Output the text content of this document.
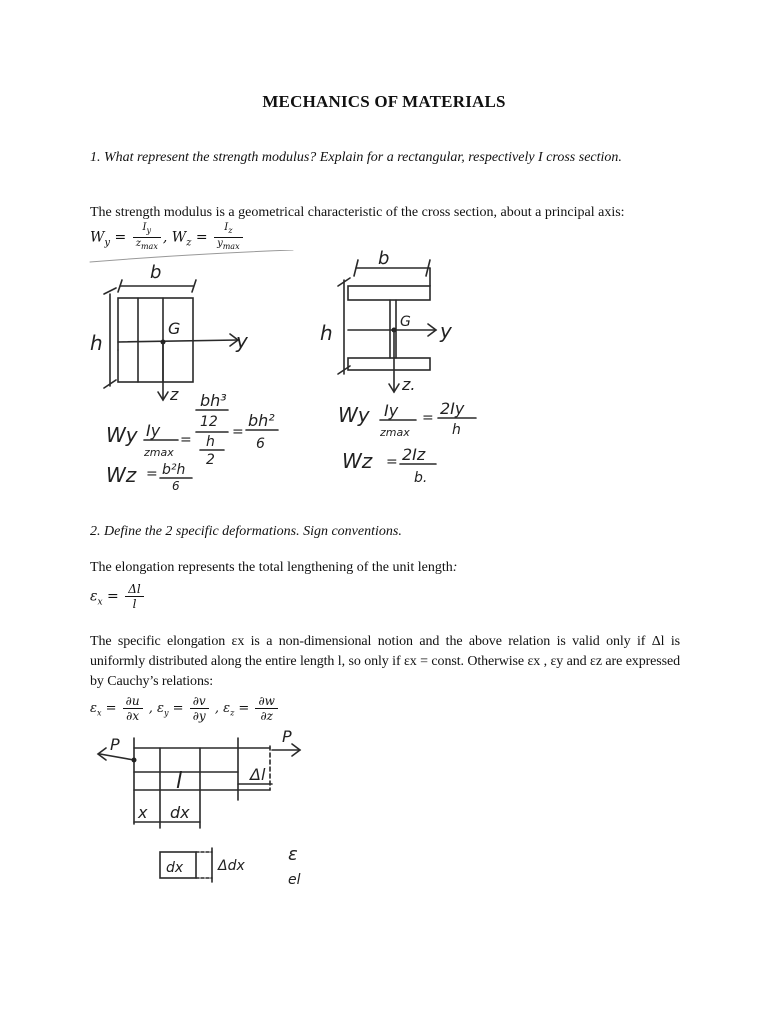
MECHANICS OF MATERIALS
1. What represent the strength modulus? Explain for a rectangular, respectively I cross section.
The strength modulus is a geometrical characteristic of the cross section, about a principal axis:
$W_y = \frac{I_y}{z_{max}}$ , $W_z = \frac{I_z}{y_{max}}$
b
h	y
G
z
Wy Iy
zmax
=
bh³
12
h
2
=
bh²
6
Wz = b²h
6
b
h	y
G
z.
Wy Iy
zmax
= 2Iy
h
Wz = 2Iz
b.
2. Define the 2 specific deformations. Sign conventions.
The elongation represents the total lengthening of the unit length:
$\varepsilon_x = \frac{\Delta l}{l}$
The specific elongation εx is a non-dimensional notion and the above relation is valid only if Δl is uniformly distributed along the entire length l, so only if εx = const. Otherwise εx , εy and εz are expressed by Cauchy’s relations:
$\varepsilon_x = \frac{\partial u}{\partial x}$ , $\varepsilon_y = \frac{\partial v}{\partial y}$ , $\varepsilon_z = \frac{\partial w}{\partial z}$
P	P
l	Δl
x dx
dx Δdx
ε
el
